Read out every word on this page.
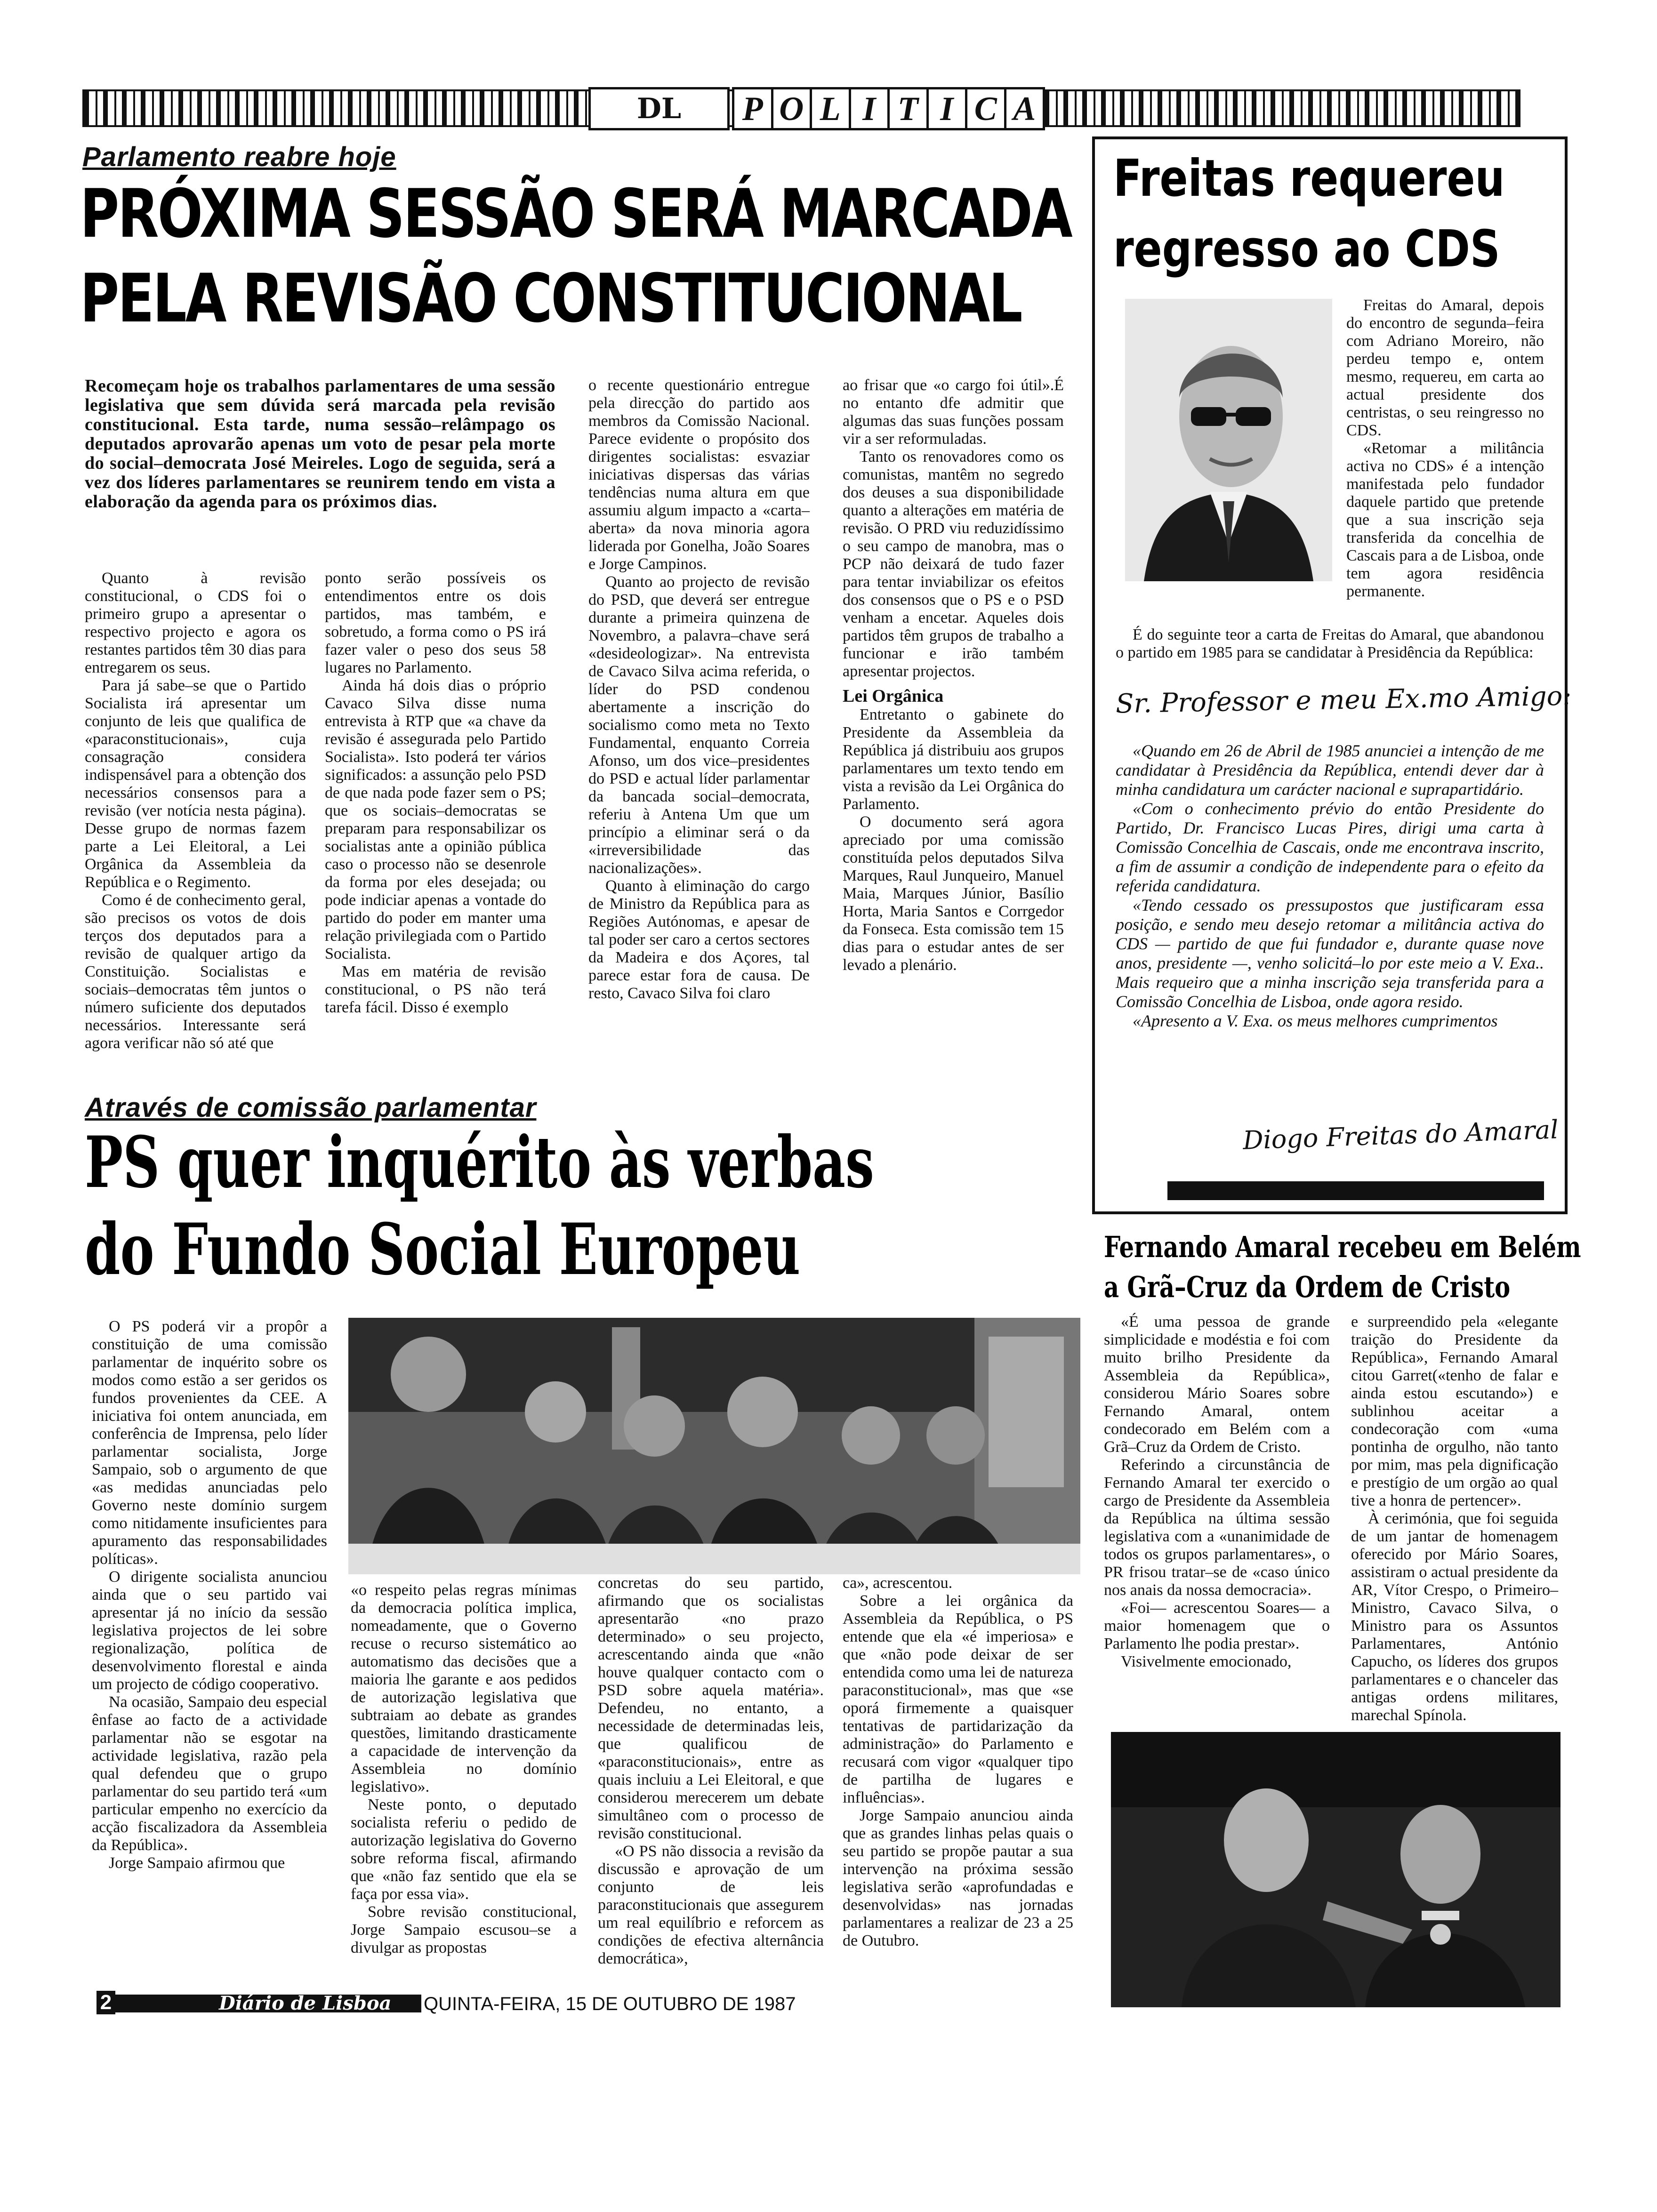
DL	P O L I T I C A
Parlamento reabre hoje
PRÓXIMA SESSÃO SERÁ MARCADA
PELA REVISÃO CONSTITUCIONAL
Recomeçam hoje os trabalhos parlamentares de uma sessão legislativa que sem dúvida será marcada pela revisão constitucional. Esta tarde, numa sessão–relâmpago os deputados aprovarão apenas um voto de pesar pela morte do social–democrata José Meireles. Logo de seguida, será a vez dos líderes parlamentares se reunirem tendo em vista a elaboração da agenda para os próximos dias.

Quanto à revisão constitucional, o CDS foi o primeiro grupo a apresentar o respectivo projecto e agora os restantes partidos têm 30 dias para entregarem os seus.

Para já sabe–se que o Partido Socialista irá apresentar um conjunto de leis que qualifica de «paraconstitucionais», cuja consagração considera indispensável para a obtenção dos necessários consensos para a revisão (ver notícia nesta página). Desse grupo de normas fazem parte a Lei Eleitoral, a Lei Orgânica da Assembleia da República e o Regimento.

Como é de conhecimento geral, são precisos os votos de dois terços dos deputados para a revisão de qualquer artigo da Constituição. Socialistas e sociais–democratas têm juntos o número suficiente dos deputados necessários. Interessante será agora verificar não só até que

ponto serão possíveis os entendimentos entre os dois partidos, mas também, e sobretudo, a forma como o PS irá fazer valer o peso dos seus 58 lugares no Parlamento.

Ainda há dois dias o próprio Cavaco Silva disse numa entrevista à RTP que «a chave da revisão é assegurada pelo Partido Socialista». Isto poderá ter vários significados: a assunção pelo PSD de que nada pode fazer sem o PS; que os sociais–democratas se preparam para responsabilizar os socialistas ante a opinião pública caso o processo não se desenrole da forma por eles desejada; ou pode indiciar apenas a vontade do partido do poder em manter uma relação privilegiada com o Partido Socialista.

Mas em matéria de revisão constitucional, o PS não terá tarefa fácil. Disso é exemplo

o recente questionário entregue pela direcção do partido aos membros da Comissão Nacional. Parece evidente o propósito dos dirigentes socialistas: esvaziar iniciativas dispersas das várias tendências numa altura em que assumiu algum impacto a «carta–aberta» da nova minoria agora liderada por Gonelha, João Soares e Jorge Campinos.

Quanto ao projecto de revisão do PSD, que deverá ser entregue durante a primeira quinzena de Novembro, a palavra–chave será «desideologizar». Na entrevista de Cavaco Silva acima referida, o líder do PSD condenou abertamente a inscrição do socialismo como meta no Texto Fundamental, enquanto Correia Afonso, um dos vice–presidentes do PSD e actual líder parlamentar da bancada social–democrata, referiu à Antena Um que um princípio a eliminar será o da «irreversibilidade das nacionalizações».

Quanto à eliminação do cargo de Ministro da República para as Regiões Autónomas, e apesar de tal poder ser caro a certos sectores da Madeira e dos Açores, tal parece estar fora de causa. De resto, Cavaco Silva foi claro

ao frisar que «o cargo foi útil».É no entanto dfe admitir que algumas das suas funções possam vir a ser reformuladas.

Tanto os renovadores como os comunistas, mantêm no segredo dos deuses a sua disponibilidade quanto a alterações em matéria de revisão. O PRD viu reduzidíssimo o seu campo de manobra, mas o PCP não deixará de tudo fazer para tentar inviabilizar os efeitos dos consensos que o PS e o PSD venham a encetar. Aqueles dois partidos têm grupos de trabalho a funcionar e irão também apresentar projectos.

Lei Orgânica

Entretanto o gabinete do Presidente da Assembleia da República já distribuiu aos grupos parlamentares um texto tendo em vista a revisão da Lei Orgânica do Parlamento.

O documento será agora apreciado por uma comissão constituída pelos deputados Silva Marques, Raul Junqueiro, Manuel Maia, Marques Júnior, Basílio Horta, Maria Santos e Corrgedor da Fonseca. Esta comissão tem 15 dias para o estudar antes de ser levado a plenário.

Freitas requereu
regresso ao CDS

Freitas do Amaral, depois do encontro de segunda–feira com Adriano Moreiro, não perdeu tempo e, ontem mesmo, requereu, em carta ao actual presidente dos centristas, o seu reingresso no CDS.

«Retomar a militância activa no CDS» é a intenção manifestada pelo fundador daquele partido que pretende que a sua inscrição seja transferida da concelhia de Cascais para a de Lisboa, onde tem agora residência permanente.

É do seguinte teor a carta de Freitas do Amaral, que abandonou o partido em 1985 para se candidatar à Presidência da República:

Sr. Professor e meu Ex.mo Amigo:

«Quando em 26 de Abril de 1985 anunciei a intenção de me candidatar à Presidência da República, entendi dever dar à minha candidatura um carácter nacional e suprapartidário.

«Com o conhecimento prévio do então Presidente do Partido, Dr. Francisco Lucas Pires, dirigi uma carta à Comissão Concelhia de Cascais, onde me encontrava inscrito, a fim de assumir a condição de independente para o efeito da referida candidatura.

«Tendo cessado os pressupostos que justificaram essa posição, e sendo meu desejo retomar a militância activa do CDS — partido de que fui fundador e, durante quase nove anos, presidente —, venho solicitá–lo por este meio a V. Exa.. Mais requeiro que a minha inscrição seja transferida para a Comissão Concelhia de Lisboa, onde agora resido.

«Apresento a V. Exa. os meus melhores cumprimentos

Diogo Freitas do Amaral
Através de comissão parlamentar
PS quer inquérito às verbas
do Fundo Social Europeu

O PS poderá vir a propôr a constituição de uma comissão parlamentar de inquérito sobre os modos como estão a ser geridos os fundos provenientes da CEE. A iniciativa foi ontem anunciada, em conferência de Imprensa, pelo líder parlamentar socialista, Jorge Sampaio, sob o argumento de que «as medidas anunciadas pelo Governo neste domínio surgem como nitidamente insuficientes para apuramento das responsabilidades políticas».

O dirigente socialista anunciou ainda que o seu partido vai apresentar já no início da sessão legislativa projectos de lei sobre regionalização, política de desenvolvimento florestal e ainda um projecto de código cooperativo.

Na ocasião, Sampaio deu especial ênfase ao facto de a actividade parlamentar não se esgotar na actividade legislativa, razão pela qual defendeu que o grupo parlamentar do seu partido terá «um particular empenho no exercício da acção fiscalizadora da Assembleia da República».

Jorge Sampaio afirmou que

«o respeito pelas regras mínimas da democracia política implica, nomeadamente, que o Governo recuse o recurso sistemático ao automatismo das decisões que a maioria lhe garante e aos pedidos de autorização legislativa que subtraiam ao debate as grandes questões, limitando drasticamente a capacidade de intervenção da Assembleia no domínio legislativo».

Neste ponto, o deputado socialista referiu o pedido de autorização legislativa do Governo sobre reforma fiscal, afirmando que «não faz sentido que ela se faça por essa via».

Sobre revisão constitucional, Jorge Sampaio escusou–se a divulgar as propostas

concretas do seu partido, afirmando que os socialistas apresentarão «no prazo determinado» o seu projecto, acrescentando ainda que «não houve qualquer contacto com o PSD sobre aquela matéria». Defendeu, no entanto, a necessidade de determinadas leis, que qualificou de «paraconstitucionais», entre as quais incluiu a Lei Eleitoral, e que considerou merecerem um debate simultâneo com o processo de revisão constitucional.

«O PS não dissocia a revisão da discussão e aprovação de um conjunto de leis paraconstitucionais que assegurem um real equilíbrio e reforcem as condições de efectiva alternância democrática»,

ca», acrescentou.

Sobre a lei orgânica da Assembleia da República, o PS entende que ela «é imperiosa» e que «não pode deixar de ser entendida como uma lei de natureza paraconstitucional», mas que «se oporá firmemente a quaisquer tentativas de partidarização da administração» do Parlamento e recusará com vigor «qualquer tipo de partilha de lugares e influências».

Jorge Sampaio anunciou ainda que as grandes linhas pelas quais o seu partido se propõe pautar a sua intervenção na próxima sessão legislativa serão «aprofundadas e desenvolvidas» nas jornadas parlamentares a realizar de 23 a 25 de Outubro.

Fernando Amaral recebeu em Belém
a Grã–Cruz da Ordem de Cristo

«É uma pessoa de grande simplicidade e modéstia e foi com muito brilho Presidente da Assembleia da República», considerou Mário Soares sobre Fernando Amaral, ontem condecorado em Belém com a Grã–Cruz da Ordem de Cristo.

Referindo a circunstância de Fernando Amaral ter exercido o cargo de Presidente da Assembleia da República na última sessão legislativa com a «unanimidade de todos os grupos parlamentares», o PR frisou tratar–se de «caso único nos anais da nossa democracia».

«Foi— acrescentou Soares— a maior homenagem que o Parlamento lhe podia prestar».

Visivelmente emocionado,

e surpreendido pela «elegante traição do Presidente da República», Fernando Amaral citou Garret(«tenho de falar e ainda estou escutando») e sublinhou aceitar a condecoração com «uma pontinha de orgulho, não tanto por mim, mas pela dignificação e prestígio de um orgão ao qual tive a honra de pertencer».

À cerimónia, que foi seguida de um jantar de homenagem oferecido por Mário Soares, assistiram o actual presidente da AR, Vítor Crespo, o Primeiro–Ministro, Cavaco Silva, o Ministro para os Assuntos Parlamentares, António Capucho, os líderes dos grupos parlamentares e o chanceler das antigas ordens militares, marechal Spínola.

2	Diário de Lisboa	QUINTA-FEIRA, 15 DE OUTUBRO DE 1987
